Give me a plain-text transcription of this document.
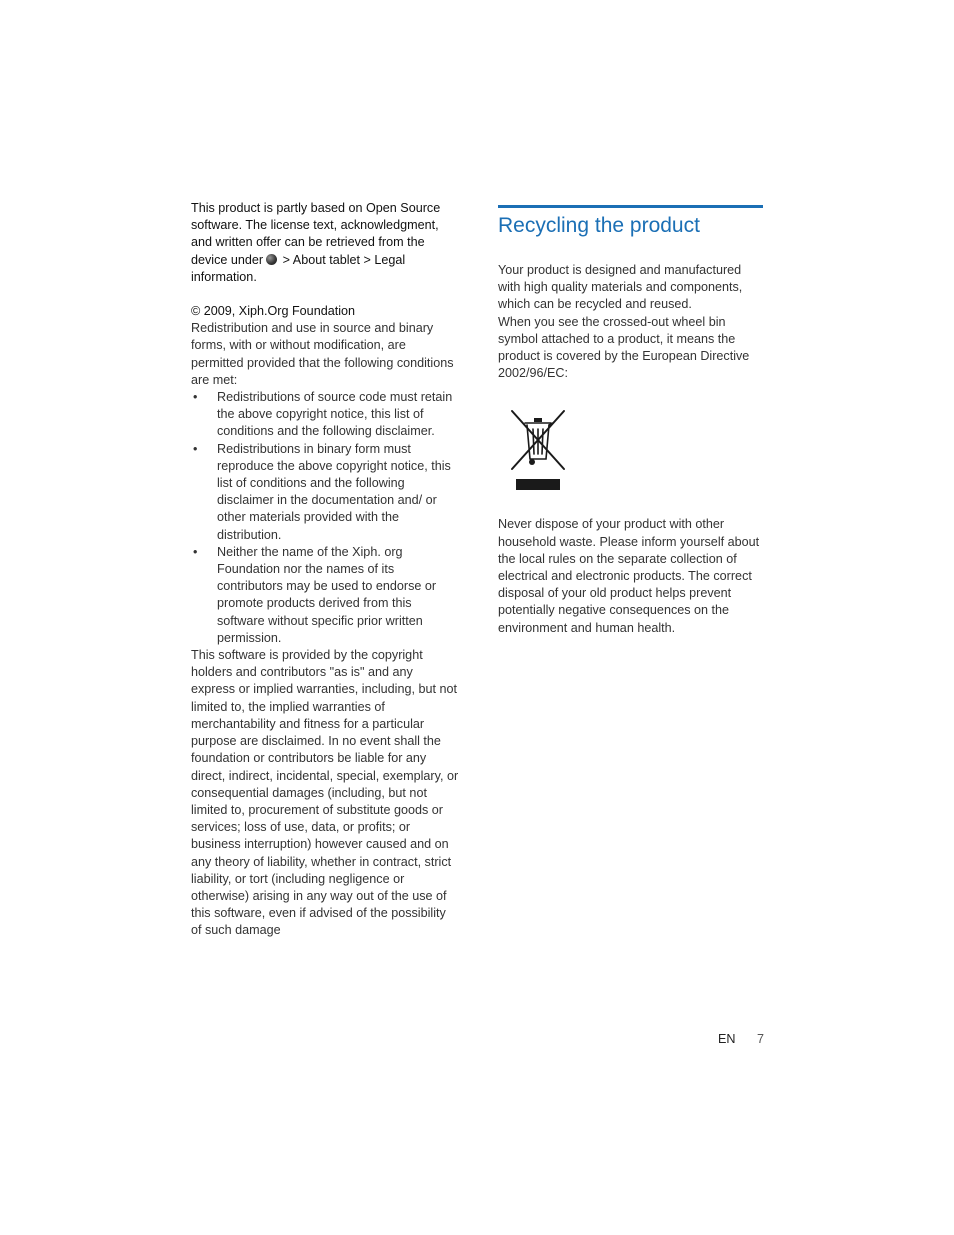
This product is partly based on Open Source software. The license text, acknowledgment, and written offer can be retrieved from the device under > About tablet > Legal information.

© 2009, Xiph.Org Foundation

Redistribution and use in source and binary forms, with or without modification, are permitted provided that the following conditions are met:

• Redistributions of source code must retain the above copyright notice, this list of conditions and the following disclaimer.
• Redistributions in binary form must reproduce the above copyright notice, this list of conditions and the following disclaimer in the documentation and/ or other materials provided with the distribution.
• Neither the name of the Xiph. org Foundation nor the names of its contributors may be used to endorse or promote products derived from this software without specific prior written permission.

This software is provided by the copyright holders and contributors "as is" and any express or implied warranties, including, but not limited to, the implied warranties of merchantability and fitness for a particular purpose are disclaimed. In no event shall the foundation or contributors be liable for any direct, indirect, incidental, special, exemplary, or consequential damages (including, but not limited to, procurement of substitute goods or services; loss of use, data, or profits; or business interruption) however caused and on any theory of liability, whether in contract, strict liability, or tort (including negligence or otherwise) arising in any way out of the use of this software, even if advised of the possibility of such damage

Recycling the product

Your product is designed and manufactured with high quality materials and components, which can be recycled and reused.

When you see the crossed-out wheel bin symbol attached to a product, it means the product is covered by the European Directive 2002/96/EC:

Never dispose of your product with other household waste. Please inform yourself about the local rules on the separate collection of electrical and electronic products. The correct disposal of your old product helps prevent potentially negative consequences on the environment and human health.

EN 7
